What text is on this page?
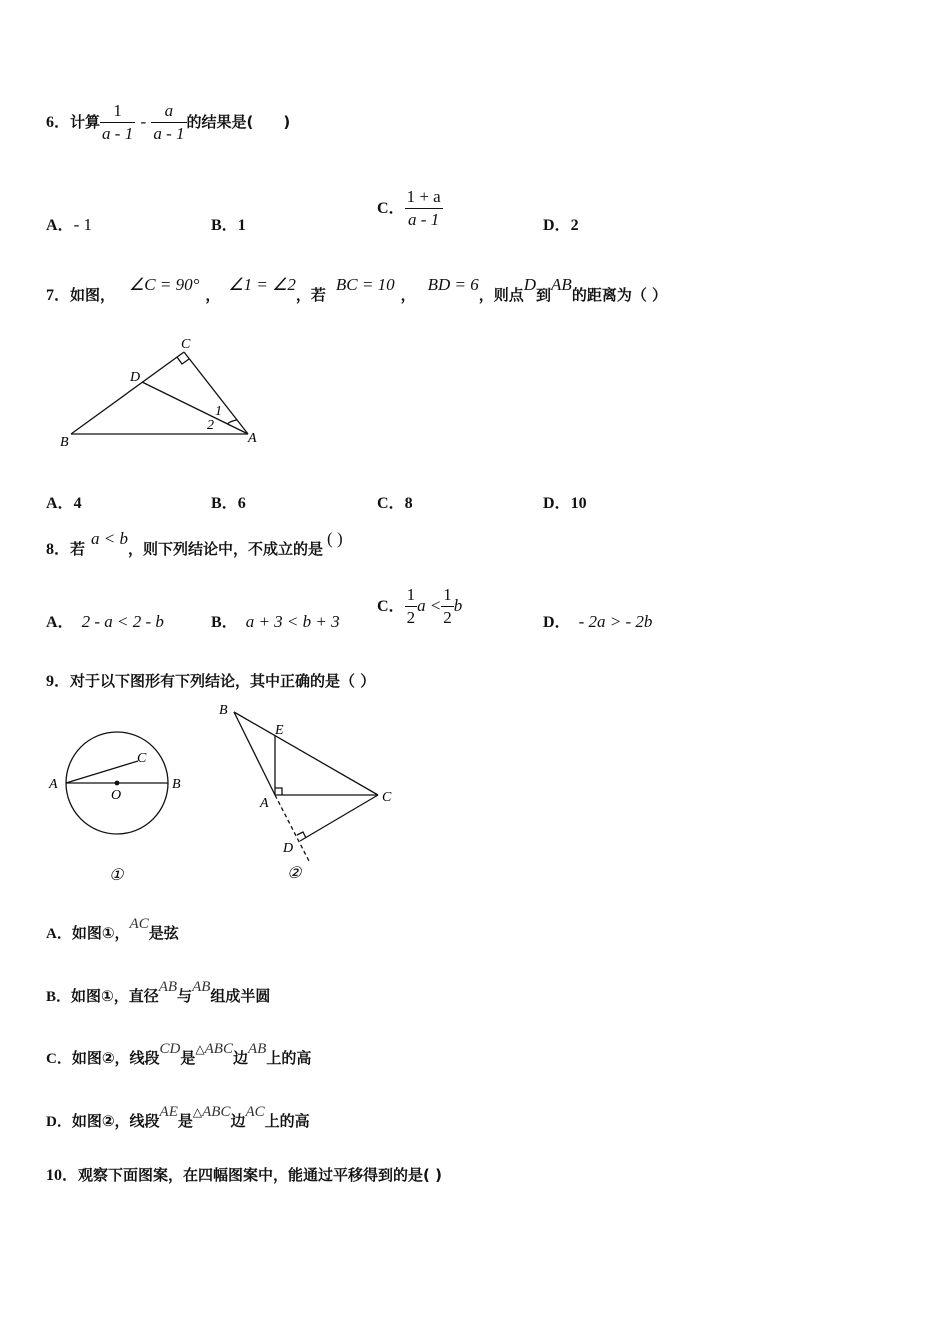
6．计算 $\frac{1}{a - 1} - \frac{a}{a - 1}$ 的结果是( )
A．- 1	B．1
C． $\frac{1 + a}{a - 1}$	D．2
7．如图，∠C = 90°，∠1 = ∠2，若BC = 10，BD = 6，则点D到AB的距离为（ ）
C
D
B	A
1
2
A．4	B．6	C．8	D．10
8．若a < b，则下列结论中，不成立的是( )
A． 2 - a < 2 - b	B． a + 3 < b + 3
C． $\frac{1}{2}$ $a < \frac{1}{2}$ b
D． - 2a > - 2b
9．对于以下图形有下列结论，其中正确的是（ ）
A	B
C
O
①
B
E
A	C
D
②
A．如图①，AC是弦
B．如图①，直径AB与AB组成半圆
C．如图②，线段CD是△ABC边AB上的高
D．如图②，线段AE是△ABC边AC上的高
10．观察下面图案，在四幅图案中，能通过平移得到的是( )
